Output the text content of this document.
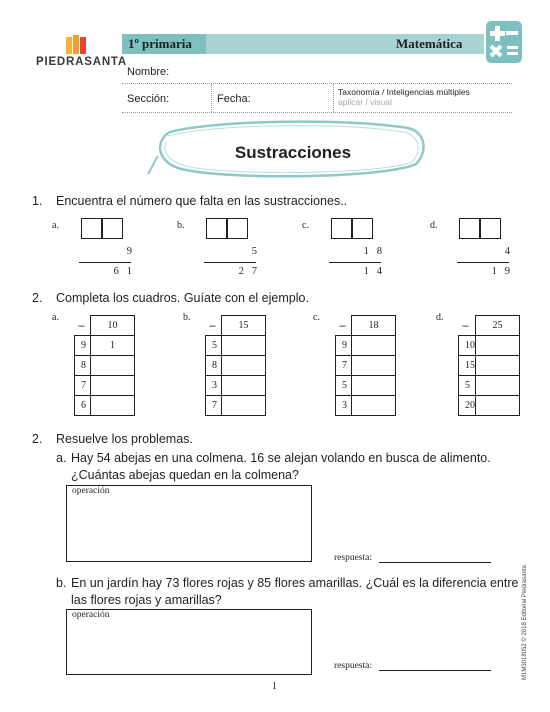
PIEDRASANTA
1º primaria	Matemática
Nombre:
Sección:	Fecha:
Taxonomía / Inteligencias múltiples
aplicar / visual
Sustracciones
1. Encuentra el número que falta en las sustracciones..
a.
9
6   1
b.
5
2   7
c.
1   8
1   4
d.
4
1   9
2. Completa los cuadros. Guíate con el ejemplo.
a.
–	10
9	1
8	
7	
6	
b.
–	15
5	
8	
3	
7	
c.
–	18
9	
7	
5	
3	
d.
–	25
10	
15	
5	
20	
2. Resuelve los problemas.
a. Hay 54 abejas en una colmena. 16 se alejan volando en busca de alimento.
¿Cuántas abejas quedan en la colmena?
operación
respuesta:
b. En un jardín hay 73 flores rojas y 85 flores amarillas. ¿Cuál es la diferencia entre
las flores rojas y amarillas?
operación
respuesta:
1
M1M3018052 © 2018 Editorial Piedrasanta
